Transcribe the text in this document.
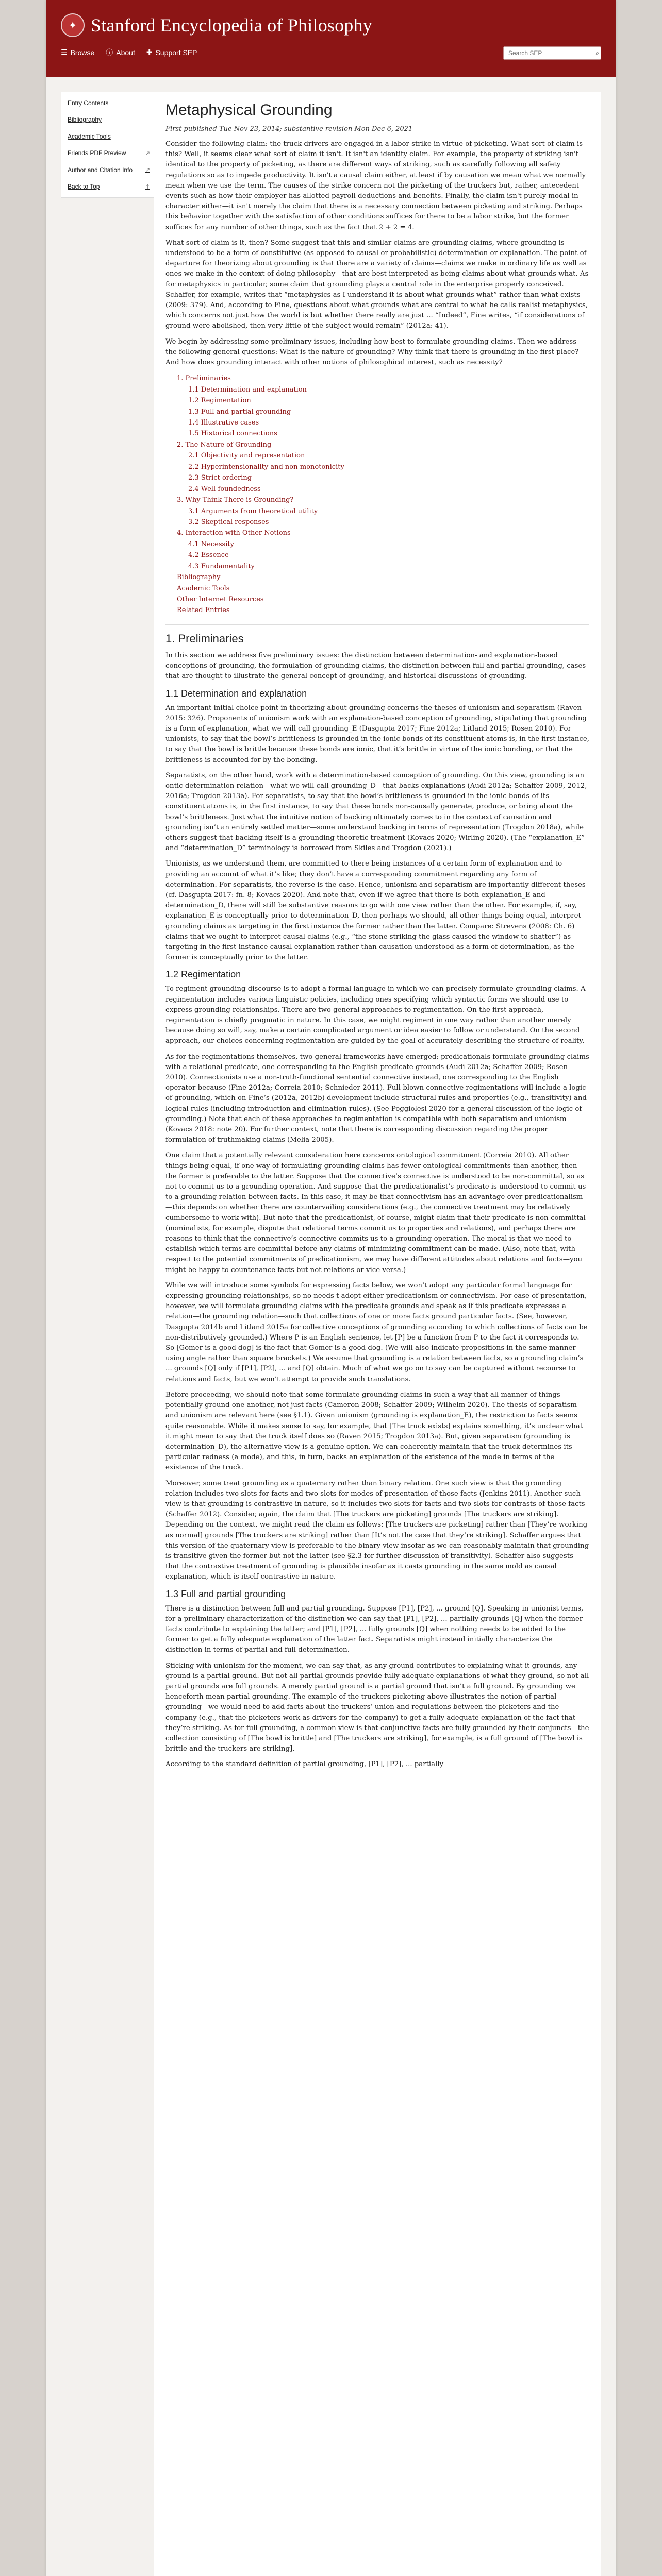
✦ Stanford Encyclopedia of Philosophy
☰ Browse ⓘ About ✚ Support SEP
Search SEP	⌕
Entry Contents
Bibliography
Academic Tools
Friends PDF Preview	↗
Author and Citation Info ↗
Back to Top	↑
Metaphysical Grounding
First published Tue Nov 23, 2014; substantive revision Mon Dec 6, 2021

Consider the following claim: the truck drivers are engaged in a labor strike in virtue of picketing. What sort of claim is this? Well, it seems clear what sort of claim it isn't. It isn't an identity claim. For example, the property of striking isn't identical to the property of picketing, as there are different ways of striking, such as carefully following all safety regulations so as to impede productivity. It isn't a causal claim either, at least if by causation we mean what we normally mean when we use the term. The causes of the strike concern not the picketing of the truckers but, rather, antecedent events such as how their employer has allotted payroll deductions and benefits. Finally, the claim isn't purely modal in character either—it isn't merely the claim that there is a necessary connection between picketing and striking. Perhaps this behavior together with the satisfaction of other conditions suffices for there to be a labor strike, but the former suffices for any number of other things, such as the fact that 2 + 2 = 4.

What sort of claim is it, then? Some suggest that this and similar claims are grounding claims, where grounding is understood to be a form of constitutive (as opposed to causal or probabilistic) determination or explanation. The point of departure for theorizing about grounding is that there are a variety of claims—claims we make in ordinary life as well as ones we make in the context of doing philosophy—that are best interpreted as being claims about what grounds what. As for metaphysics in particular, some claim that grounding plays a central role in the enterprise properly conceived. Schaffer, for example, writes that “metaphysics as I understand it is about what grounds what” rather than what exists (2009: 379). And, according to Fine, questions about what grounds what are central to what he calls realist metaphysics, which concerns not just how the world is but whether there really are just ... “Indeed”, Fine writes, “if considerations of ground were abolished, then very little of the subject would remain” (2012a: 41).

We begin by addressing some preliminary issues, including how best to formulate grounding claims. Then we address the following general questions: What is the nature of grounding? Why think that there is grounding in the first place? And how does grounding interact with other notions of philosophical interest, such as necessity?

1. Preliminaries
1.1 Determination and explanation
1.2 Regimentation
1.3 Full and partial grounding
1.4 Illustrative cases
1.5 Historical connections
2. The Nature of Grounding
2.1 Objectivity and representation
2.2 Hyperintensionality and non-monotonicity
2.3 Strict ordering
2.4 Well-foundedness
3. Why Think There is Grounding?
3.1 Arguments from theoretical utility
3.2 Skeptical responses
4. Interaction with Other Notions
4.1 Necessity
4.2 Essence
4.3 Fundamentality
Bibliography
Academic Tools
Other Internet Resources
Related Entries
1. Preliminaries

In this section we address five preliminary issues: the distinction between determination- and explanation-based conceptions of grounding, the formulation of grounding claims, the distinction between full and partial grounding, cases that are thought to illustrate the general concept of grounding, and historical discussions of grounding.

1.1 Determination and explanation

An important initial choice point in theorizing about grounding concerns the theses of unionism and separatism (Raven 2015: 326). Proponents of unionism work with an explanation-based conception of grounding, stipulating that grounding is a form of explanation, what we will call grounding_E (Dasgupta 2017; Fine 2012a; Litland 2015; Rosen 2010). For unionists, to say that the bowl’s brittleness is grounded in the ionic bonds of its constituent atoms is, in the first instance, to say that the bowl is brittle because these bonds are ionic, that it’s brittle in virtue of the ionic bonding, or that the brittleness is accounted for by the bonding.

Separatists, on the other hand, work with a determination-based conception of grounding. On this view, grounding is an ontic determination relation—what we will call grounding_D—that backs explanations (Audi 2012a; Schaffer 2009, 2012, 2016a; Trogdon 2013a). For separatists, to say that the bowl’s brittleness is grounded in the ionic bonds of its constituent atoms is, in the first instance, to say that these bonds non-causally generate, produce, or bring about the bowl’s brittleness. Just what the intuitive notion of backing ultimately comes to in the context of causation and grounding isn’t an entirely settled matter—some understand backing in terms of representation (Trogdon 2018a), while others suggest that backing itself is a grounding-theoretic treatment (Kovacs 2020; Wirling 2020). (The “explanation_E” and “determination_D” terminology is borrowed from Skiles and Trogdon (2021).)

Unionists, as we understand them, are committed to there being instances of a certain form of explanation and to providing an account of what it’s like; they don’t have a corresponding commitment regarding any form of determination. For separatists, the reverse is the case. Hence, unionism and separatism are importantly different theses (cf. Dasgupta 2017: fn. 8; Kovacs 2020). And note that, even if we agree that there is both explanation_E and determination_D, there will still be substantive reasons to go with one view rather than the other. For example, if, say, explanation_E is conceptually prior to determination_D, then perhaps we should, all other things being equal, interpret grounding claims as targeting in the first instance the former rather than the latter. Compare: Strevens (2008: Ch. 6) claims that we ought to interpret causal claims (e.g., “the stone striking the glass caused the window to shatter”) as targeting in the first instance causal explanation rather than causation understood as a form of determination, as the former is conceptually prior to the latter.

1.2 Regimentation

To regiment grounding discourse is to adopt a formal language in which we can precisely formulate grounding claims. A regimentation includes various linguistic policies, including ones specifying which syntactic forms we should use to express grounding relationships. There are two general approaches to regimentation. On the first approach, regimentation is chiefly pragmatic in nature. In this case, we might regiment in one way rather than another merely because doing so will, say, make a certain complicated argument or idea easier to follow or understand. On the second approach, our choices concerning regimentation are guided by the goal of accurately describing the structure of reality.

As for the regimentations themselves, two general frameworks have emerged: predicationals formulate grounding claims with a relational predicate, one corresponding to the English predicate grounds (Audi 2012a; Schaffer 2009; Rosen 2010). Connectionists use a non-truth-functional sentential connective instead, one corresponding to the English operator because (Fine 2012a; Correia 2010; Schnieder 2011). Full-blown connective regimentations will include a logic of grounding, which on Fine’s (2012a, 2012b) development include structural rules and properties (e.g., transitivity) and logical rules (including introduction and elimination rules). (See Poggiolesi 2020 for a general discussion of the logic of grounding.) Note that each of these approaches to regimentation is compatible with both separatism and unionism (Kovacs 2018: note 20). For further context, note that there is corresponding discussion regarding the proper formulation of truthmaking claims (Melia 2005).

One claim that a potentially relevant consideration here concerns ontological commitment (Correia 2010). All other things being equal, if one way of formulating grounding claims has fewer ontological commitments than another, then the former is preferable to the latter. Suppose that the connective’s connective is understood to be non-committal, so as not to commit us to a grounding operation. And suppose that the predicationalist’s predicate is understood to commit us to a grounding relation between facts. In this case, it may be that connectivism has an advantage over predicationalism—this depends on whether there are countervailing considerations (e.g., the connective treatment may be relatively cumbersome to work with). But note that the predicationist, of course, might claim that their predicate is non-committal (nominalists, for example, dispute that relational terms commit us to properties and relations), and perhaps there are reasons to think that the connective’s connective commits us to a grounding operation. The moral is that we need to establish which terms are committal before any claims of minimizing commitment can be made. (Also, note that, with respect to the potential commitments of predicationism, we may have different attitudes about relations and facts—you might be happy to countenance facts but not relations or vice versa.)

While we will introduce some symbols for expressing facts below, we won’t adopt any particular formal language for expressing grounding relationships, so no needs t adopt either predicationism or connectivism. For ease of presentation, however, we will formulate grounding claims with the predicate grounds and speak as if this predicate expresses a relation—the grounding relation—such that collections of one or more facts ground particular facts. (See, however, Dasgupta 2014b and Litland 2015a for collective conceptions of grounding according to which collections of facts can be non-distributively grounded.) Where P is an English sentence, let [P] be a function from P to the fact it corresponds to. So [Gomer is a good dog] is the fact that Gomer is a good dog. (We will also indicate propositions in the same manner using angle rather than square brackets.) We assume that grounding is a relation between facts, so a grounding claim’s ... grounds [Q] only if [P1], [P2], ... and [Q] obtain. Much of what we go on to say can be captured without recourse to relations and facts, but we won’t attempt to provide such translations.

Before proceeding, we should note that some formulate grounding claims in such a way that all manner of things potentially ground one another, not just facts (Cameron 2008; Schaffer 2009; Wilhelm 2020). The thesis of separatism and unionism are relevant here (see §1.1). Given unionism (grounding is explanation_E), the restriction to facts seems quite reasonable. While it makes sense to say, for example, that [The truck exists] explains something, it’s unclear what it might mean to say that the truck itself does so (Raven 2015; Trogdon 2013a). But, given separatism (grounding is determination_D), the alternative view is a genuine option. We can coherently maintain that the truck determines its particular redness (a mode), and this, in turn, backs an explanation of the existence of the mode in terms of the existence of the truck.

Moreover, some treat grounding as a quaternary rather than binary relation. One such view is that the grounding relation includes two slots for facts and two slots for modes of presentation of those facts (Jenkins 2011). Another such view is that grounding is contrastive in nature, so it includes two slots for facts and two slots for contrasts of those facts (Schaffer 2012). Consider, again, the claim that [The truckers are picketing] grounds [The truckers are striking]. Depending on the context, we might read the claim as follows: [The truckers are picketing] rather than [They’re working as normal] grounds [The truckers are striking] rather than [It’s not the case that they’re striking]. Schaffer argues that this version of the quaternary view is preferable to the binary view insofar as we can reasonably maintain that grounding is transitive given the former but not the latter (see §2.3 for further discussion of transitivity). Schaffer also suggests that the contrastive treatment of grounding is plausible insofar as it casts grounding in the same mold as causal explanation, which is itself contrastive in nature.

1.3 Full and partial grounding

There is a distinction between full and partial grounding. Suppose [P1], [P2], ... ground [Q]. Speaking in unionist terms, for a preliminary characterization of the distinction we can say that [P1], [P2], ... partially grounds [Q] when the former facts contribute to explaining the latter; and [P1], [P2], ... fully grounds [Q] when nothing needs to be added to the former to get a fully adequate explanation of the latter fact. Separatists might instead initially characterize the distinction in terms of partial and full determination.

Sticking with unionism for the moment, we can say that, as any ground contributes to explaining what it grounds, any ground is a partial ground. But not all partial grounds provide fully adequate explanations of what they ground, so not all partial grounds are full grounds. A merely partial ground is a partial ground that isn’t a full ground. By grounding we henceforth mean partial grounding. The example of the truckers picketing above illustrates the notion of partial grounding—we would need to add facts about the truckers’ union and regulations between the picketers and the company (e.g., that the picketers work as drivers for the company) to get a fully adequate explanation of the fact that they’re striking. As for full grounding, a common view is that conjunctive facts are fully grounded by their conjuncts—the collection consisting of [The bowl is brittle] and [The truckers are striking], for example, is a full ground of [The bowl is brittle and the truckers are striking].

According to the standard definition of partial grounding, [P1], [P2], ... partially
